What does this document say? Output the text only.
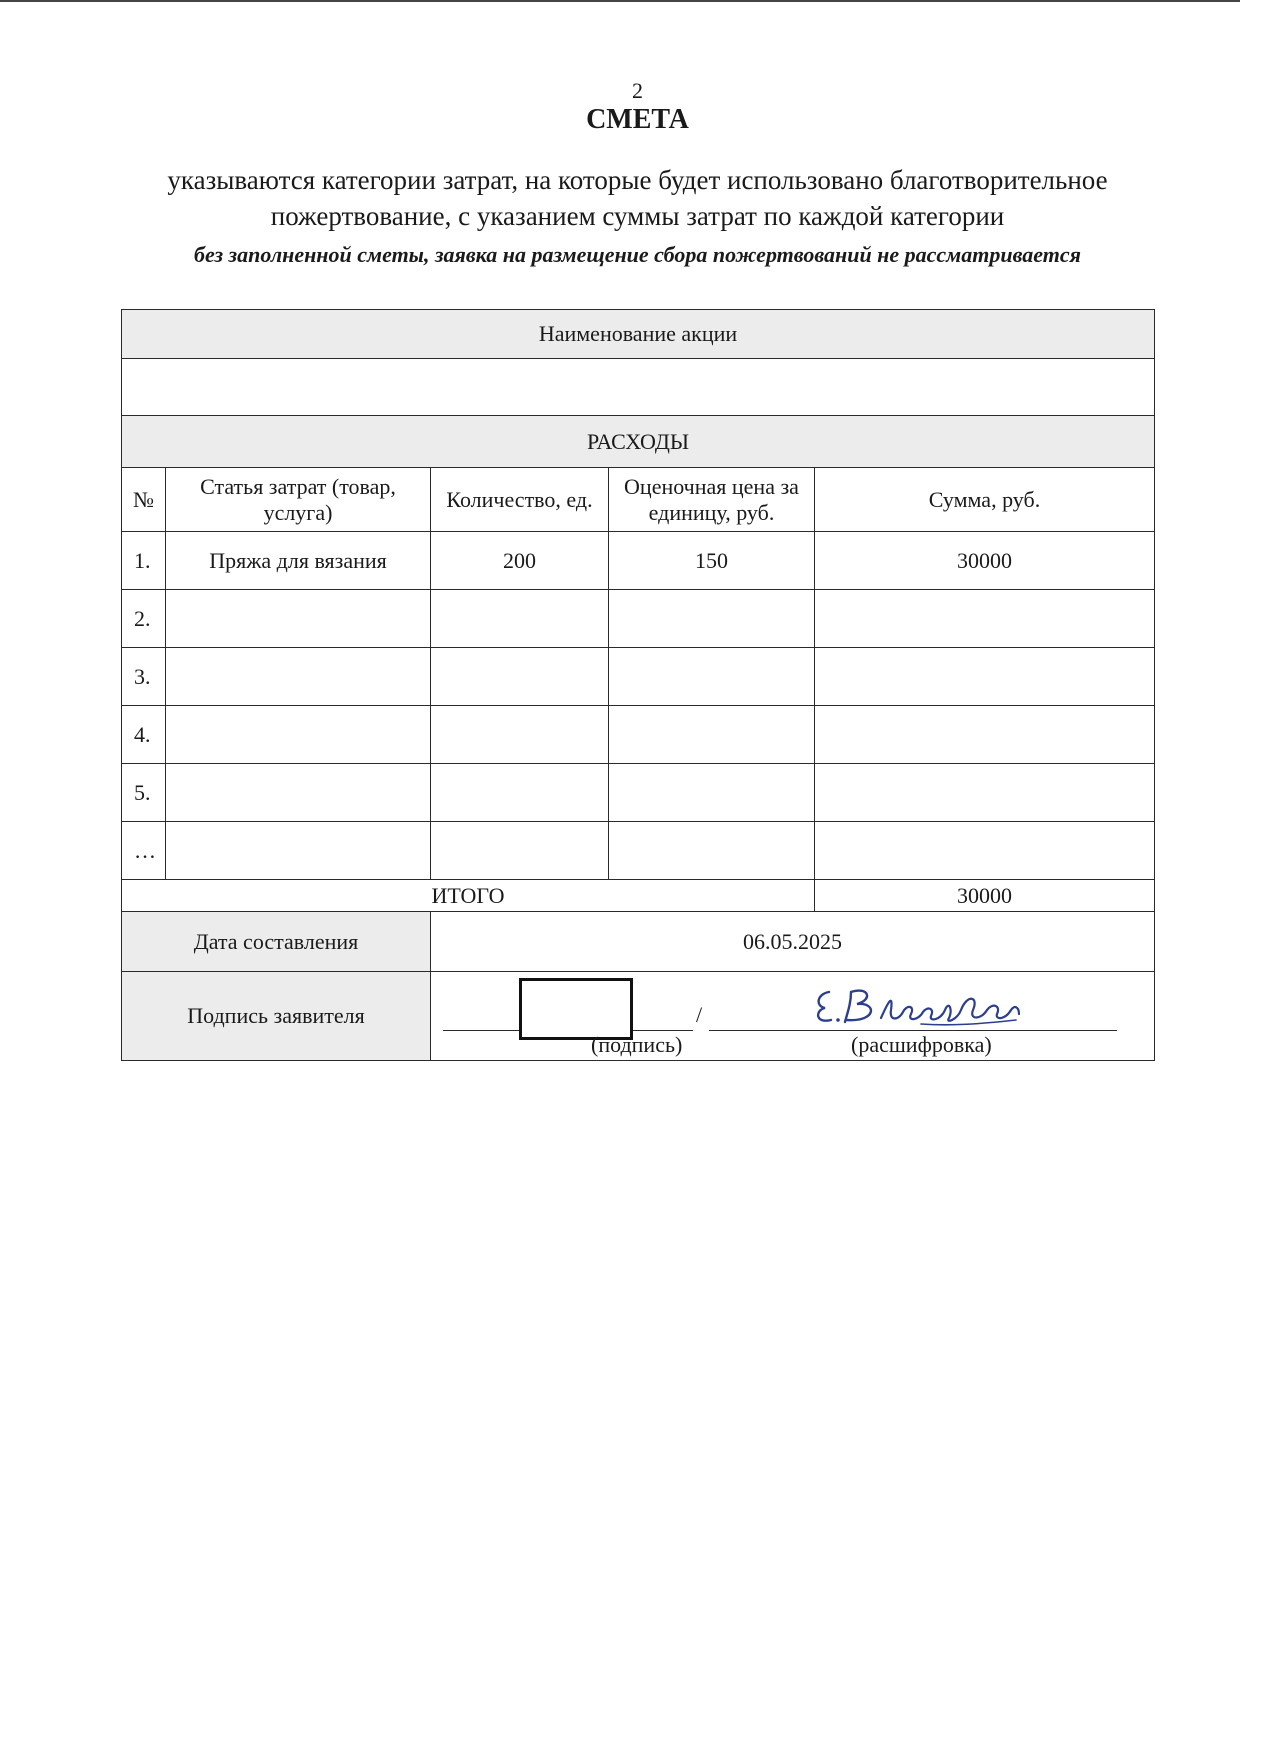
2
СМЕТА
указываются категории затрат, на которые будет использовано благотворительное пожертвование, с указанием суммы затрат по каждой категории
без заполненной сметы, заявка на размещение сбора пожертвований не рассматривается
Наименование акции				

РАСХОДЫ				
№	Статья затрат (товар, услуга)	Количество, ед.	Оценочная цена за единицу, руб.	Сумма, руб.
1.	Пряжа для вязания	200	150	30000
2.				
3.				
4.				
5.				
…				
ИТОГО				30000
Дата составления		06.05.2025		
Подпись заявителя		/
(подпись) (расшифровка)		
